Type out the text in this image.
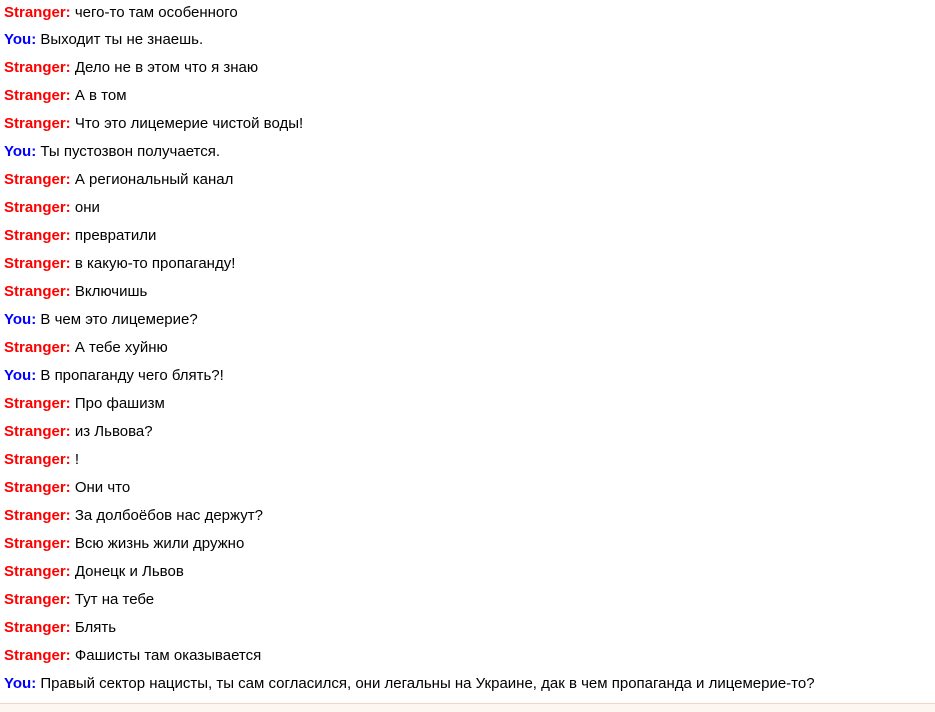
Stranger: чего-то там особенного
You: Выходит ты не знаешь.
Stranger: Дело не в этом что я знаю
Stranger: А в том
Stranger: Что это лицемерие чистой воды!
You: Ты пустозвон получается.
Stranger: А региональный канал
Stranger: они
Stranger: превратили
Stranger: в какую-то пропаганду!
Stranger: Включишь
You: В чем это лицемерие?
Stranger: А тебе хуйню
You: В пропаганду чего блять?!
Stranger: Про фашизм
Stranger: из Львова?
Stranger: !
Stranger: Они что
Stranger: За долбоёбов нас держут?
Stranger: Всю жизнь жили дружно
Stranger: Донецк и Львов
Stranger: Тут на тебе
Stranger: Блять
Stranger: Фашисты там оказывается
You: Правый сектор нацисты, ты сам согласился, они легальны на Украине, дак в чем пропаганда и лицемерие-то?
